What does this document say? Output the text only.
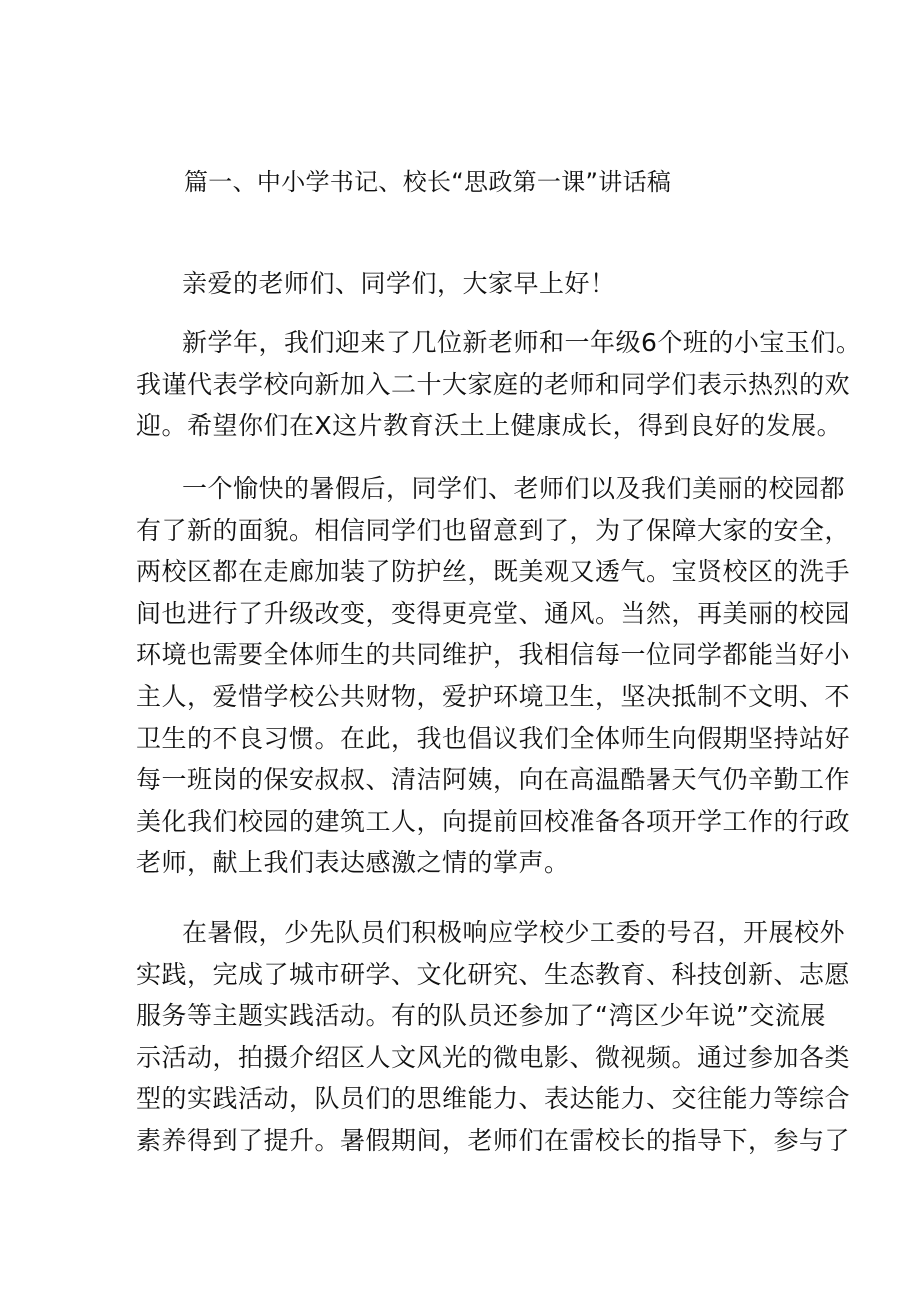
篇一、中小学书记、校长“思政第一课”讲话稿

亲爱的老师们、同学们，大家早上好！

新学年，我们迎来了几位新老师和一年级6个班的小宝玉们。
我谨代表学校向新加入二十大家庭的老师和同学们表示热烈的欢
迎。希望你们在X这片教育沃土上健康成长，得到良好的发展。
一个愉快的暑假后，同学们、老师们以及我们美丽的校园都
有了新的面貌。相信同学们也留意到了，为了保障大家的安全，
两校区都在走廊加装了防护丝，既美观又透气。宝贤校区的洗手
间也进行了升级改变，变得更亮堂、通风。当然，再美丽的校园
环境也需要全体师生的共同维护，我相信每一位同学都能当好小
主人，爱惜学校公共财物，爱护环境卫生，坚决抵制不文明、不
卫生的不良习惯。在此，我也倡议我们全体师生向假期坚持站好
每一班岗的保安叔叔、清洁阿姨，向在高温酷暑天气仍辛勤工作
美化我们校园的建筑工人，向提前回校准备各项开学工作的行政
老师，献上我们表达感激之情的掌声。
在暑假，少先队员们积极响应学校少工委的号召，开展校外
实践，完成了城市研学、文化研究、生态教育、科技创新、志愿
服务等主题实践活动。有的队员还参加了“湾区少年说”交流展
示活动，拍摄介绍区人文风光的微电影、微视频。通过参加各类
型的实践活动，队员们的思维能力、表达能力、交往能力等综合
素养得到了提升。暑假期间，老师们在雷校长的指导下，参与了
